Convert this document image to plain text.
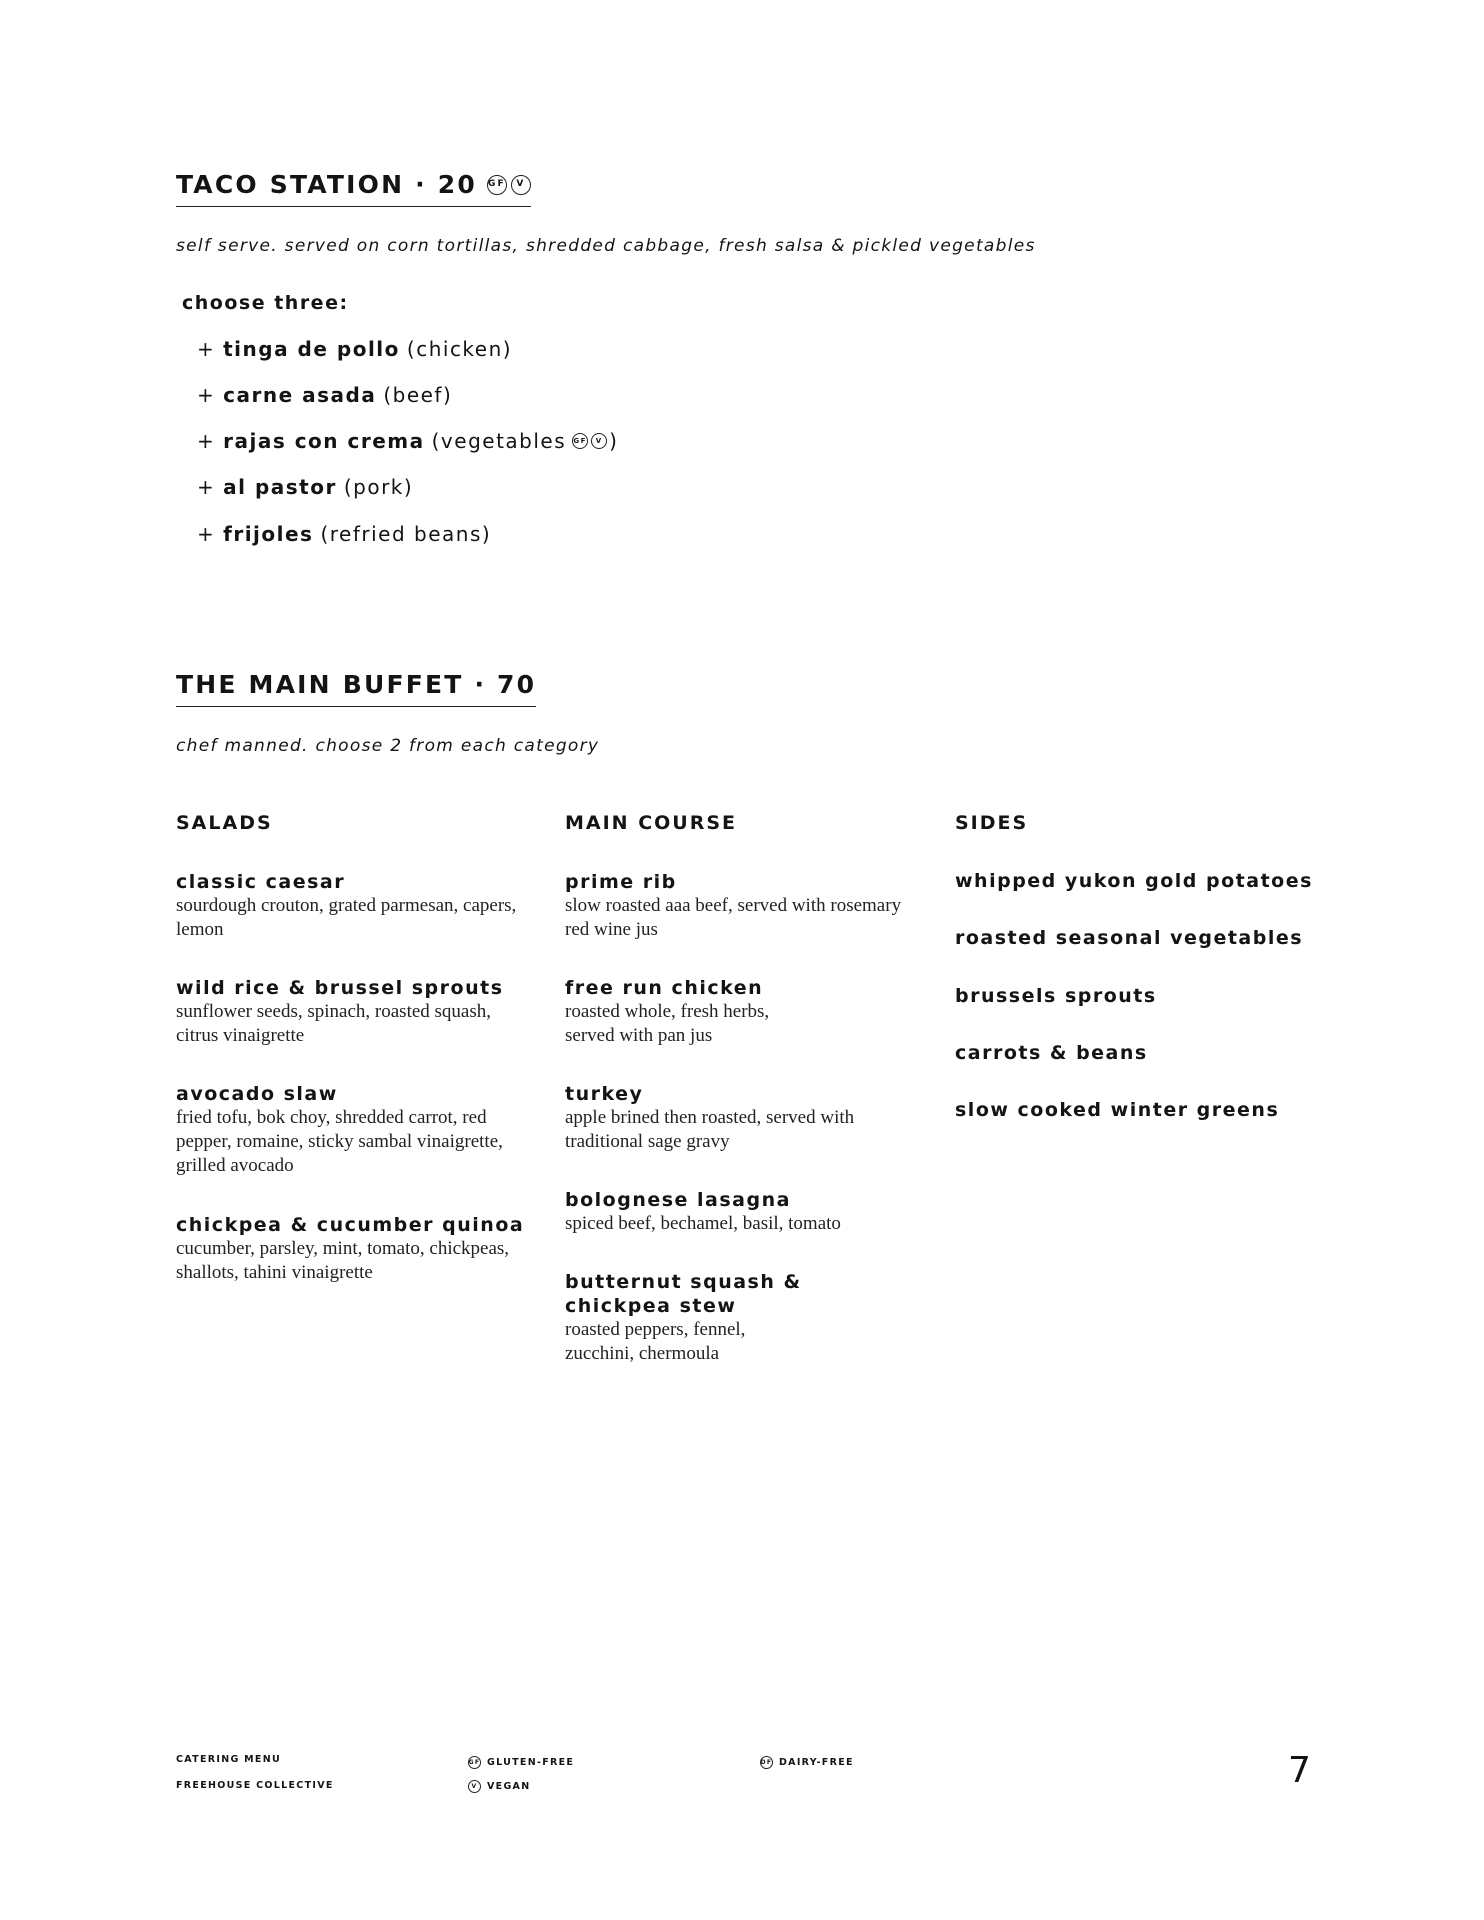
TACO STATION · 20 GF	V
self serve. served on corn tortillas, shredded cabbage, fresh salsa & pickled vegetables
choose three:
+
tinga de pollo (chicken)
+
carne asada (beef)
+
rajas con crema (vegetables GF	V )
+
al pastor (pork)
+
frijoles (refried beans)
THE MAIN BUFFET · 70
chef manned. choose 2 from each category
SALADS	MAIN COURSE	SIDES
classic caesar
sourdough crouton, grated parmesan, capers, lemon
wild rice & brussel sprouts
sunflower seeds, spinach, roasted squash, citrus vinaigrette
avocado slaw
fried tofu, bok choy, shredded carrot, red pepper, romaine, sticky sambal vinaigrette, grilled avocado
chickpea & cucumber quinoa
cucumber, parsley, mint, tomato, chickpeas, shallots, tahini vinaigrette
prime rib
slow roasted aaa beef, served with rosemary red wine jus
free run chicken
roasted whole, fresh herbs, served with pan jus
turkey
apple brined then roasted, served with traditional sage gravy
bolognese lasagna
spiced beef, bechamel, basil, tomato
butternut squash & chickpea stew
roasted peppers, fennel, zucchini, chermoula
whipped yukon gold potatoes
roasted seasonal vegetables
brussels sprouts
carrots & beans
slow cooked winter greens
CATERING MENU
FREEHOUSE COLLECTIVE
GF GLUTEN-FREE
V	VEGAN
DF DAIRY-FREE	7
